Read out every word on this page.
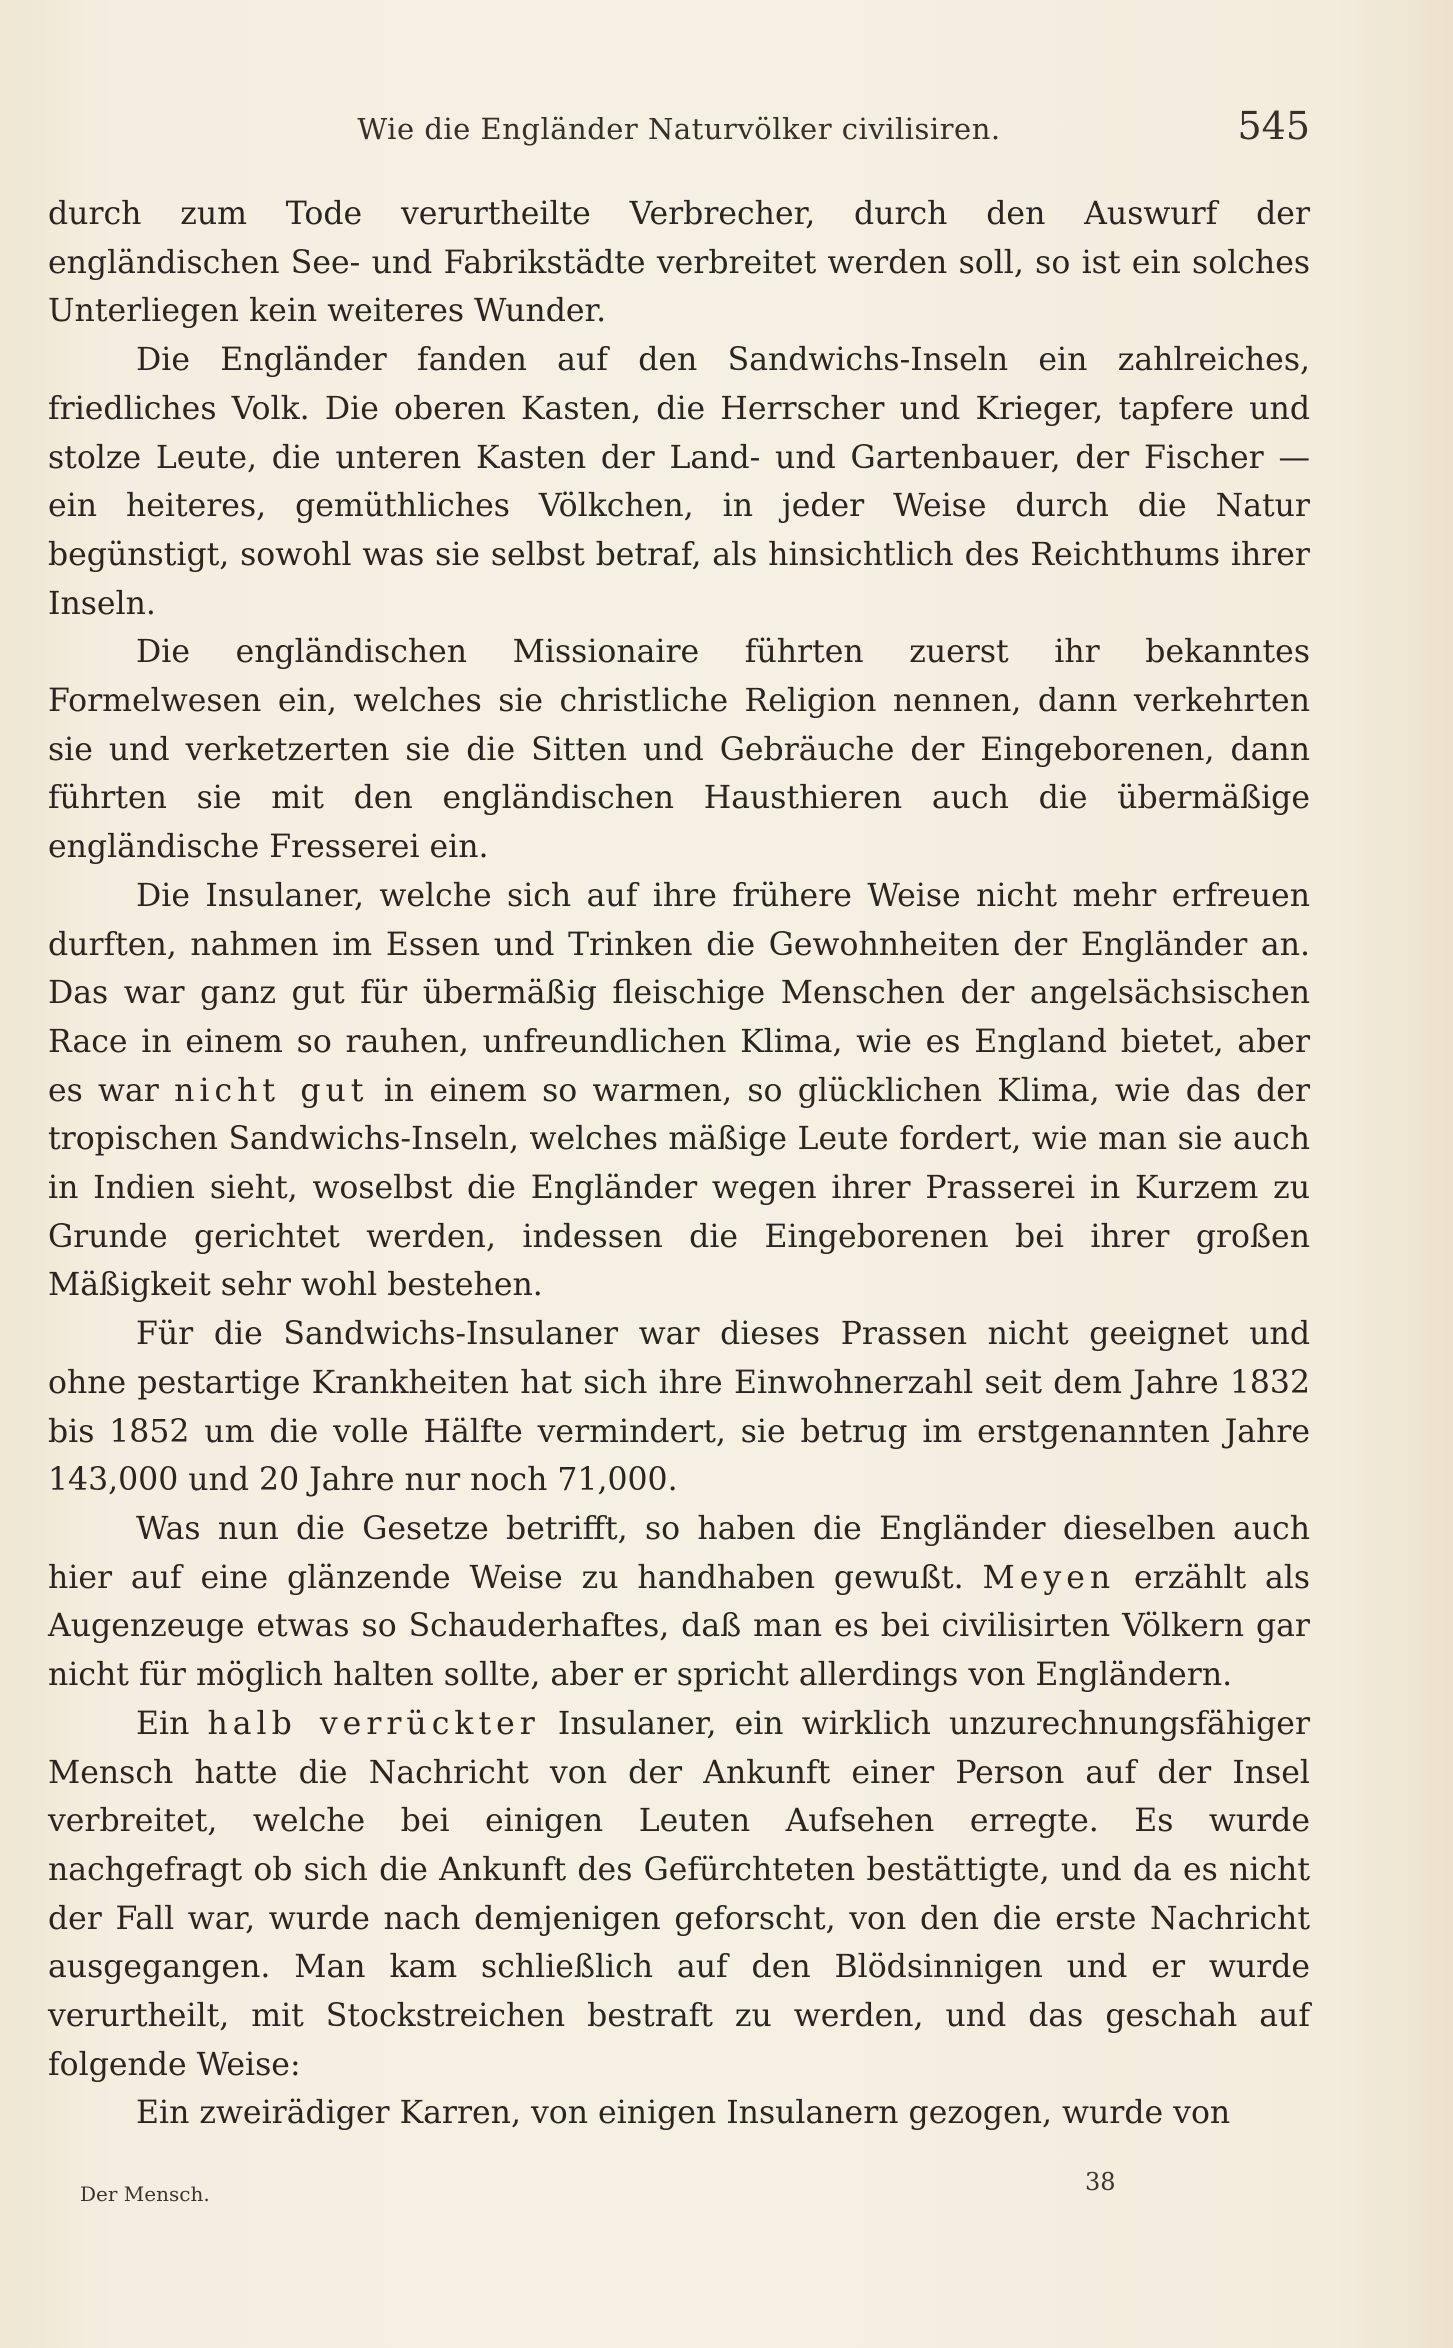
Wie die Engländer Naturvölker civilisiren.	545

durch zum Tode verurtheilte Verbrecher, durch den Auswurf der engländischen See- und Fabrikstädte verbreitet werden soll, so ist ein solches Unterliegen kein weiteres Wunder.

Die Engländer fanden auf den Sandwichs-Inseln ein zahlreiches, friedliches Volk. Die oberen Kasten, die Herrscher und Krieger, tapfere und stolze Leute, die unteren Kasten der Land- und Gartenbauer, der Fischer — ein heiteres, gemüthliches Völkchen, in jeder Weise durch die Natur begünstigt, sowohl was sie selbst betraf, als hinsichtlich des Reichthums ihrer Inseln.

Die engländischen Missionaire führten zuerst ihr bekanntes Formelwesen ein, welches sie christliche Religion nennen, dann verkehrten sie und verketzerten sie die Sitten und Gebräuche der Eingeborenen, dann führten sie mit den engländischen Hausthieren auch die übermäßige engländische Fresserei ein.

Die Insulaner, welche sich auf ihre frühere Weise nicht mehr erfreuen durften, nahmen im Essen und Trinken die Gewohnheiten der Engländer an. Das war ganz gut für übermäßig fleischige Menschen der angelsächsischen Race in einem so rauhen, unfreundlichen Klima, wie es England bietet, aber es war nicht gut in einem so warmen, so glücklichen Klima, wie das der tropischen Sandwichs-Inseln, welches mäßige Leute fordert, wie man sie auch in Indien sieht, woselbst die Engländer wegen ihrer Prasserei in Kurzem zu Grunde gerichtet werden, indessen die Eingeborenen bei ihrer großen Mäßigkeit sehr wohl bestehen.

Für die Sandwichs-Insulaner war dieses Prassen nicht geeignet und ohne pestartige Krankheiten hat sich ihre Einwohnerzahl seit dem Jahre 1832 bis 1852 um die volle Hälfte vermindert, sie betrug im erstgenannten Jahre 143,000 und 20 Jahre nur noch 71,000.

Was nun die Gesetze betrifft, so haben die Engländer dieselben auch hier auf eine glänzende Weise zu handhaben gewußt. Meyen erzählt als Augenzeuge etwas so Schauderhaftes, daß man es bei civilisirten Völkern gar nicht für möglich halten sollte, aber er spricht allerdings von Engländern.

Ein halb verrückter Insulaner, ein wirklich unzurechnungsfähiger Mensch hatte die Nachricht von der Ankunft einer Person auf der Insel verbreitet, welche bei einigen Leuten Aufsehen erregte. Es wurde nachgefragt ob sich die Ankunft des Gefürchteten bestättigte, und da es nicht der Fall war, wurde nach demjenigen geforscht, von den die erste Nachricht ausgegangen. Man kam schließlich auf den Blödsinnigen und er wurde verurtheilt, mit Stockstreichen bestraft zu werden, und das geschah auf folgende Weise:

Ein zweirädiger Karren, von einigen Insulanern gezogen, wurde von

Der Mensch.	38
